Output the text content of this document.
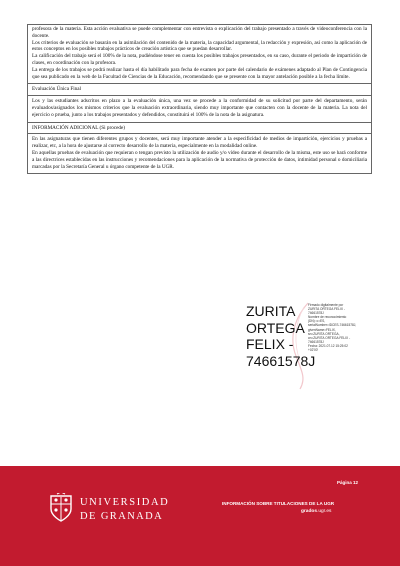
profesora de la materia. Esta acción evaluativa se puede complementar con entrevista o explicación del trabajo presentado a través de videoconferencia con la docente.

Los criterios de evaluación se basarán en la asimilación del contenido de la materia, la capacidad argumental, la redacción y expresión, así como la aplicación de estos conceptos en los posibles trabajos prácticos de creación artística que se puedan desarrollar.

La calificación del trabajo será el 100% de la nota, pudiéndose tener en cuenta los posibles trabajos presentados, en su caso, durante el periodo de impartición de clases, en coordinación con la profesora.

La entrega de los trabajos se podrá realizar hasta el día habilitado para fecha de examen por parte del calendario de exámenes adaptado al Plan de Contingencia que sea publicado en la web de la Facultad de Ciencias de la Educación, recomendando que se presente con la mayor antelación posible a la fecha límite.

Evaluación Única Final

Los y las estudiantes adscritos en plazo a la evaluación única, una vez se procede a la conformidad de su solicitud por parte del departamento, serán evaluados/asignados los mismos criterios que la evaluación extraordinaria, siendo muy importante que contacten con la docente de la materia. La nota del ejercicio o prueba, junto a los trabajos presentados y defendidos, constituirá el 100% de la nota de la asignatura.

INFORMACIÓN ADICIONAL (Si procede)

En las asignaturas que tienen diferentes grupos y docentes, será muy importante atender a la especificidad de medios de impartición, ejercicios y pruebas a realizar, etc, a la hora de ajustarse al correcto desarrollo de la materia, especialmente en la modalidad online.

En aquellas pruebas de evaluación que requieran o tengan previsto la utilización de audio y/o vídeo durante el desarrollo de la misma, este uso se hará conforme a las directrices establecidas en las instrucciones y recomendaciones para la aplicación de la normativa de protección de datos, intimidad personal o domiciliaria marcadas por la Secretaría General u órgano competente de la UGR.

ZURITA
ORTEGA
FELIX -
74661578J
Firmado digitalmente por
ZURITA ORTEGA FELIX -
74661578J
Nombre de reconocimiento
(DN): c=ES,
serialNumber=IDCES-74661578J,
givenName=FELIX,
sn=ZURITA ORTEGA,
cn=ZURITA ORTEGA FELIX -
74661578J
Fecha: 2021.07.12 15:25:02
+02'00'
UNIVERSIDAD
DE GRANADA
Página 12
INFORMACIÓN SOBRE TITULACIONES DE LA UGR
grados.ugr.es
